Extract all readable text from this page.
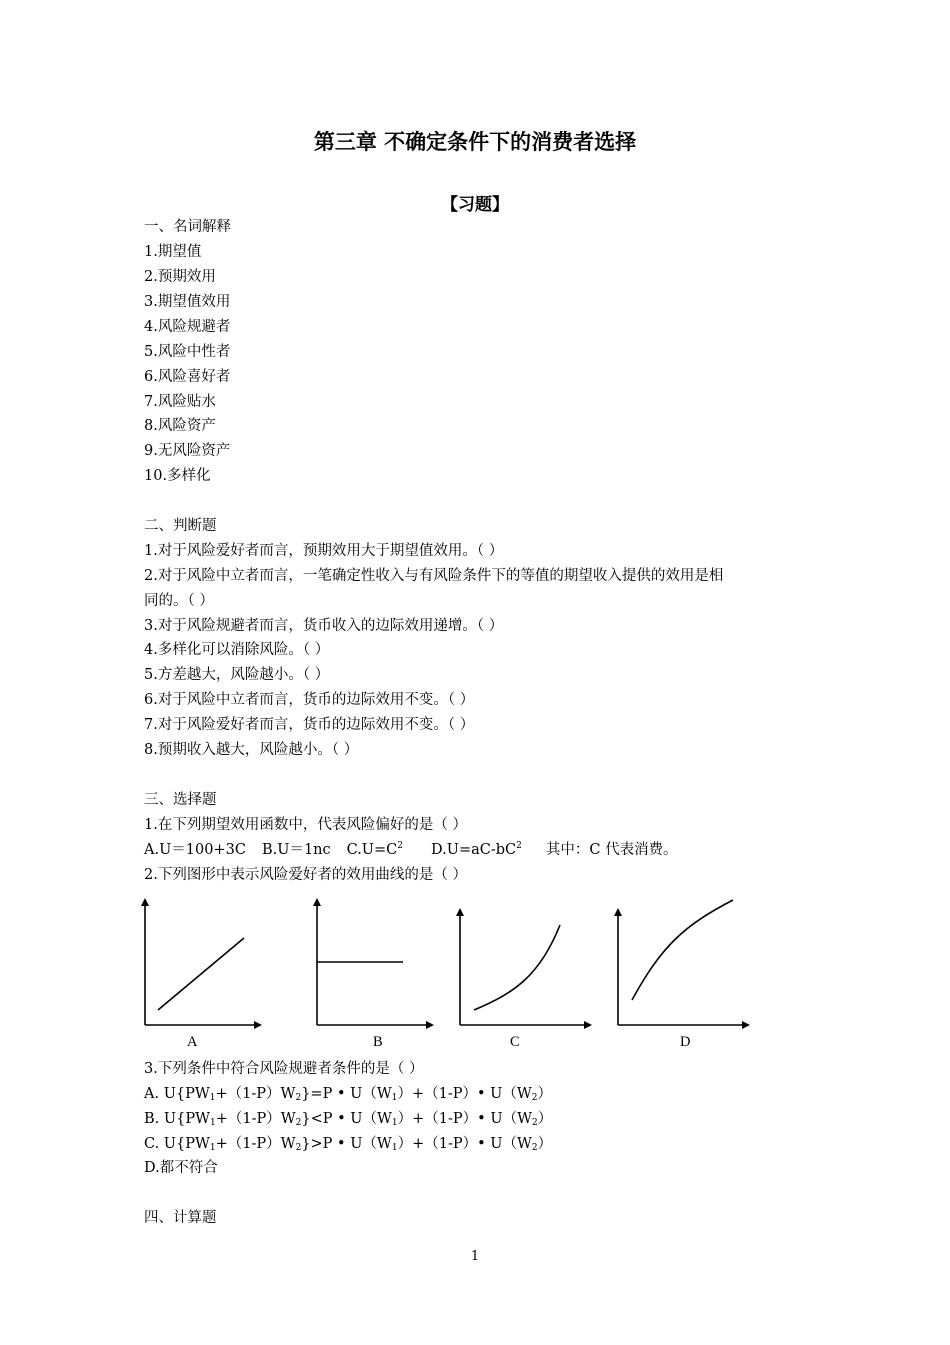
第三章 不确定条件下的消费者选择
【习题】
一、名词解释
1.期望值
2.预期效用
3.期望值效用
4.风险规避者
5.风险中性者
6.风险喜好者
7.风险贴水
8.风险资产
9.无风险资产
10.多样化
二、判断题
1.对于风险爱好者而言，预期效用大于期望值效用。（ ）
2.对于风险中立者而言，一笔确定性收入与有风险条件下的等值的期望收入提供的效用是相
同的。（ ）
3.对于风险规避者而言，货币收入的边际效用递增。（ ）
4.多样化可以消除风险。（ ）
5.方差越大，风险越小。（ ）
6.对于风险中立者而言，货币的边际效用不变。（ ）
7.对于风险爱好者而言，货币的边际效用不变。（ ）
8.预期收入越大，风险越小。（ ）
三、选择题
1.在下列期望效用函数中，代表风险偏好的是（ ）
A.U＝100+3C B.U＝1nc $C.U=C^2$ $D.U=aC-bC^2$ 其中：C 代表消费。
2.下列图形中表示风险爱好者的效用曲线的是（ ）
A	B	C	D
3.下列条件中符合风险规避者条件的是（ ）
A. $U\{PW_1+(1-P)W_2\}=P$ • $U(W_1)+(1-P)•$ $U(W_2)$
B. $U\{PW_1+(1-P)W_2\}<P$ • $U(W_1)+(1-P)•$ $U(W_2)$
C. $U\{PW_1+(1-P)W_2\}>P$ • $U(W_1)+(1-P)•$ $U(W_2)$
D.都不符合
四、计算题
1
